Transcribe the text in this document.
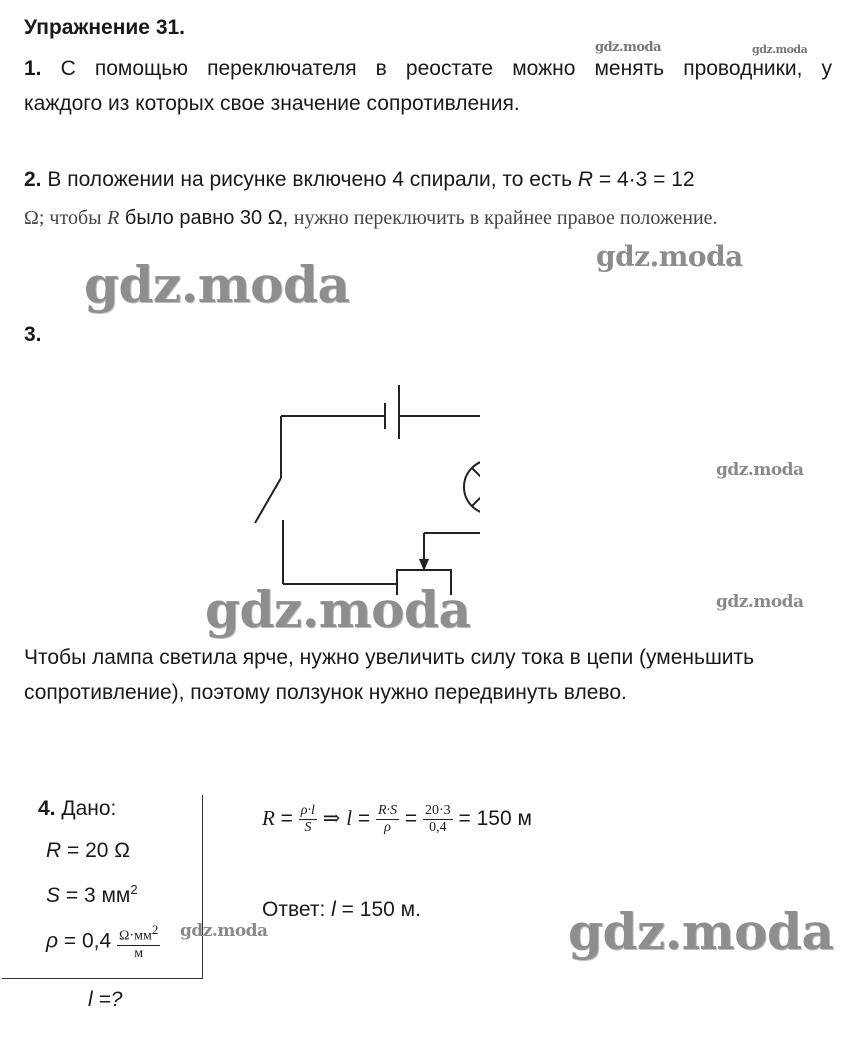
Упражнение 31.
gdz.moda	gdz.moda
1. С помощью переключателя в реостате можно менять проводники, у
каждого из которых свое значение сопротивления.
2. В положении на рисунке включено 4 спирали, то есть R = 4·3 = 12
Ω; чтобы R было равно 30 Ω, нужно переключить в крайнее правое положение.
gdz.moda	gdz.moda
3.
gdz.moda
gdz.moda	gdz.moda
Чтобы лампа светила ярче, нужно увеличить силу тока в цепи (уменьшить
сопротивление), поэтому ползунок нужно передвинуть влево.
4. Дано:
R = 20 Ω
S = 3 $мм^2$
$\rho = 0,4 \frac{\Omega\cdot мм^2}{м}$ gdz.moda
l =?
$R = \frac{\rho\cdot l}{S}$ ⇒ $l = \frac{R\cdot S}{\rho} = \frac{20\cdot 3}{0,4} = 150$ м
Ответ: l = 150 м.	gdz.moda
